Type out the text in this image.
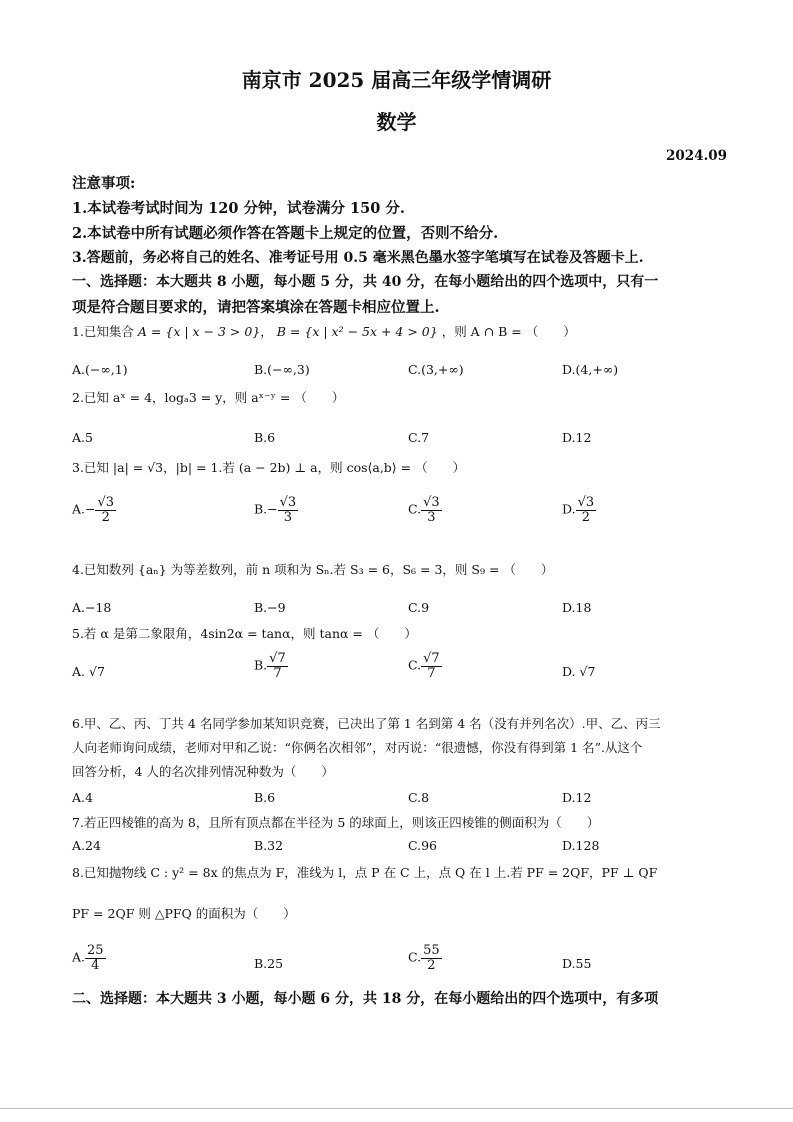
南京市 2025 届高三年级学情调研
数学
2024.09
注意事项:
1.本试卷考试时间为 120 分钟，试卷满分 150 分.
2.本试卷中所有试题必须作答在答题卡上规定的位置，否则不给分.
3.答题前，务必将自己的姓名、准考证号用 0.5 毫米黑色墨水签字笔填写在试卷及答题卡上.
一、选择题：本大题共 8 小题，每小题 5 分，共 40 分，在每小题给出的四个选项中，只有一
项是符合题目要求的，请把答案填涂在答题卡相应位置上.
1.已知集合 A = {x | x − 3 > 0}， B = {x | x² − 5x + 4 > 0} ，则 A ∩ B = （　　）
A.(−∞,1)	B.(−∞,3)	C.(3,+∞)	D.(4,+∞)
2.已知 aˣ = 4，logₐ3 = y，则 aˣ⁻ʸ = （　　）
A.5	B.6	C.7	D.12
3.已知 |a| = √3，|b| = 1.若 (a − 2b) ⊥ a，则 cos⟨a,b⟩ = （　　）
$A.- \frac{√3}{2}$	$B.- \frac{√3}{3}$	C. $\frac{√3}{3}$	D. $\frac{√3}{2}$
4.已知数列 {aₙ} 为等差数列，前 n 项和为 Sₙ.若 S₃ = 6，S₆ = 3，则 S₉ = （　　）
A.−18	B.−9	C.9	D.18
5.若 α 是第二象限角，4sin2α = tanα，则 tanα = （　　）
A. √7	B. $\frac{√7}{7}$	C. $\frac{√7}{7}$	D. √7
6.甲、乙、丙、丁共 4 名同学参加某知识竞赛，已决出了第 1 名到第 4 名（没有并列名次）.甲、乙、丙三
人向老师询问成绩，老师对甲和乙说：“你俩名次相邻”，对丙说：“很遗憾，你没有得到第 1 名”.从这个
回答分析，4 人的名次排列情况种数为（　　）
A.4	B.6	C.8	D.12
7.若正四棱锥的高为 8，且所有顶点都在半径为 5 的球面上，则该正四棱锥的侧面积为（　　）
A.24	B.32	C.96	D.128
8.已知抛物线 C : y² = 8x 的焦点为 F，准线为 l，点 P 在 C 上，点 Q 在 l 上.若 PF = 2QF，PF ⊥ QF
PF = 2QF 则 △PFQ 的面积为（　　）
A. $\frac{25}{4}$	B.25	C. $\frac{55}{2}$	D.55
二、选择题：本大题共 3 小题，每小题 6 分，共 18 分，在每小题给出的四个选项中，有多项
